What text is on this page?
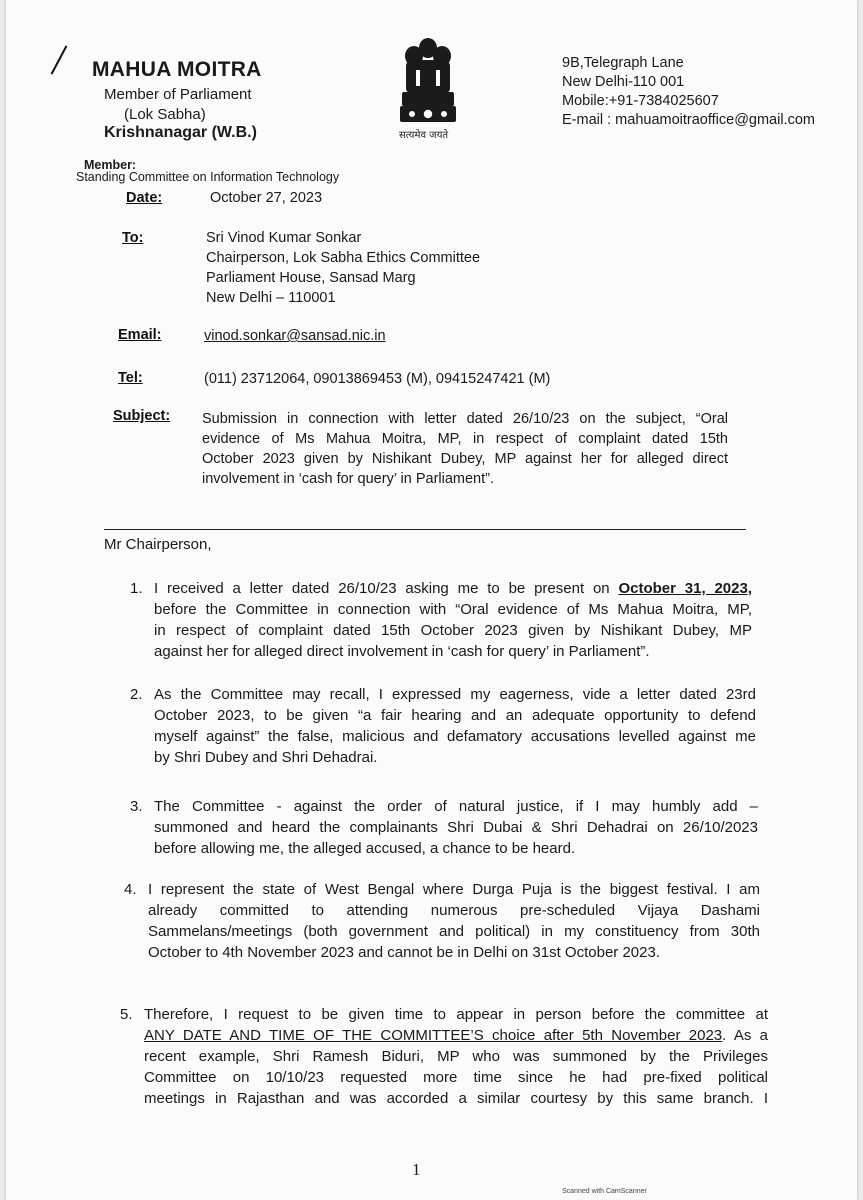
MAHUA MOITRA
Member of Parliament
(Lok Sabha)
Krishnanagar (W.B.)	सत्यमेव जयते
9B,Telegraph Lane
New Delhi-110 001
Mobile:+91-7384025607
E-mail : mahuamoitraoffice@gmail.com
Member:
Standing Committee on Information Technology
Date:	October 27, 2023
To:	Sri Vinod Kumar Sonkar
Chairperson, Lok Sabha Ethics Committee
Parliament House, Sansad Marg
New Delhi – 110001
Email:	vinod.sonkar@sansad.nic.in
Tel:	(011) 23712064, 09013869453 (M), 09415247421 (M)
Subject: Submission in connection with letter dated 26/10/23 on the subject, “Oral
evidence of Ms Mahua Moitra, MP, in respect of complaint dated 15th
October 2023 given by Nishikant Dubey, MP against her for alleged direct
involvement in ‘cash for query’ in Parliament”.
Mr Chairperson,
1. I received a letter dated 26/10/23 asking me to be present on October 31, 2023,
before the Committee in connection with “Oral evidence of Ms Mahua Moitra, MP,
in respect of complaint dated 15th October 2023 given by Nishikant Dubey, MP
against her for alleged direct involvement in ‘cash for query’ in Parliament”.
2. As the Committee may recall, I expressed my eagerness, vide a letter dated 23rd
October 2023, to be given “a fair hearing and an adequate opportunity to defend
myself against” the false, malicious and defamatory accusations levelled against me
by Shri Dubey and Shri Dehadrai.
3. The Committee - against the order of natural justice, if I may humbly add –
summoned and heard the complainants Shri Dubai & Shri Dehadrai on 26/10/2023
before allowing me, the alleged accused, a chance to be heard.
4. I represent the state of West Bengal where Durga Puja is the biggest festival. I am
already committed to attending numerous pre-scheduled Vijaya Dashami
Sammelans/meetings (both government and political) in my constituency from 30th
October to 4th November 2023 and cannot be in Delhi on 31st October 2023.
5. Therefore, I request to be given time to appear in person before the committee at
ANY DATE AND TIME OF THE COMMITTEE’S choice after 5th November 2023. As a
recent example, Shri Ramesh Biduri, MP who was summoned by the Privileges
Committee on 10/10/23 requested more time since he had pre-fixed political
meetings in Rajasthan and was accorded a similar courtesy by this same branch. I
1
Scanned with CamScanner
